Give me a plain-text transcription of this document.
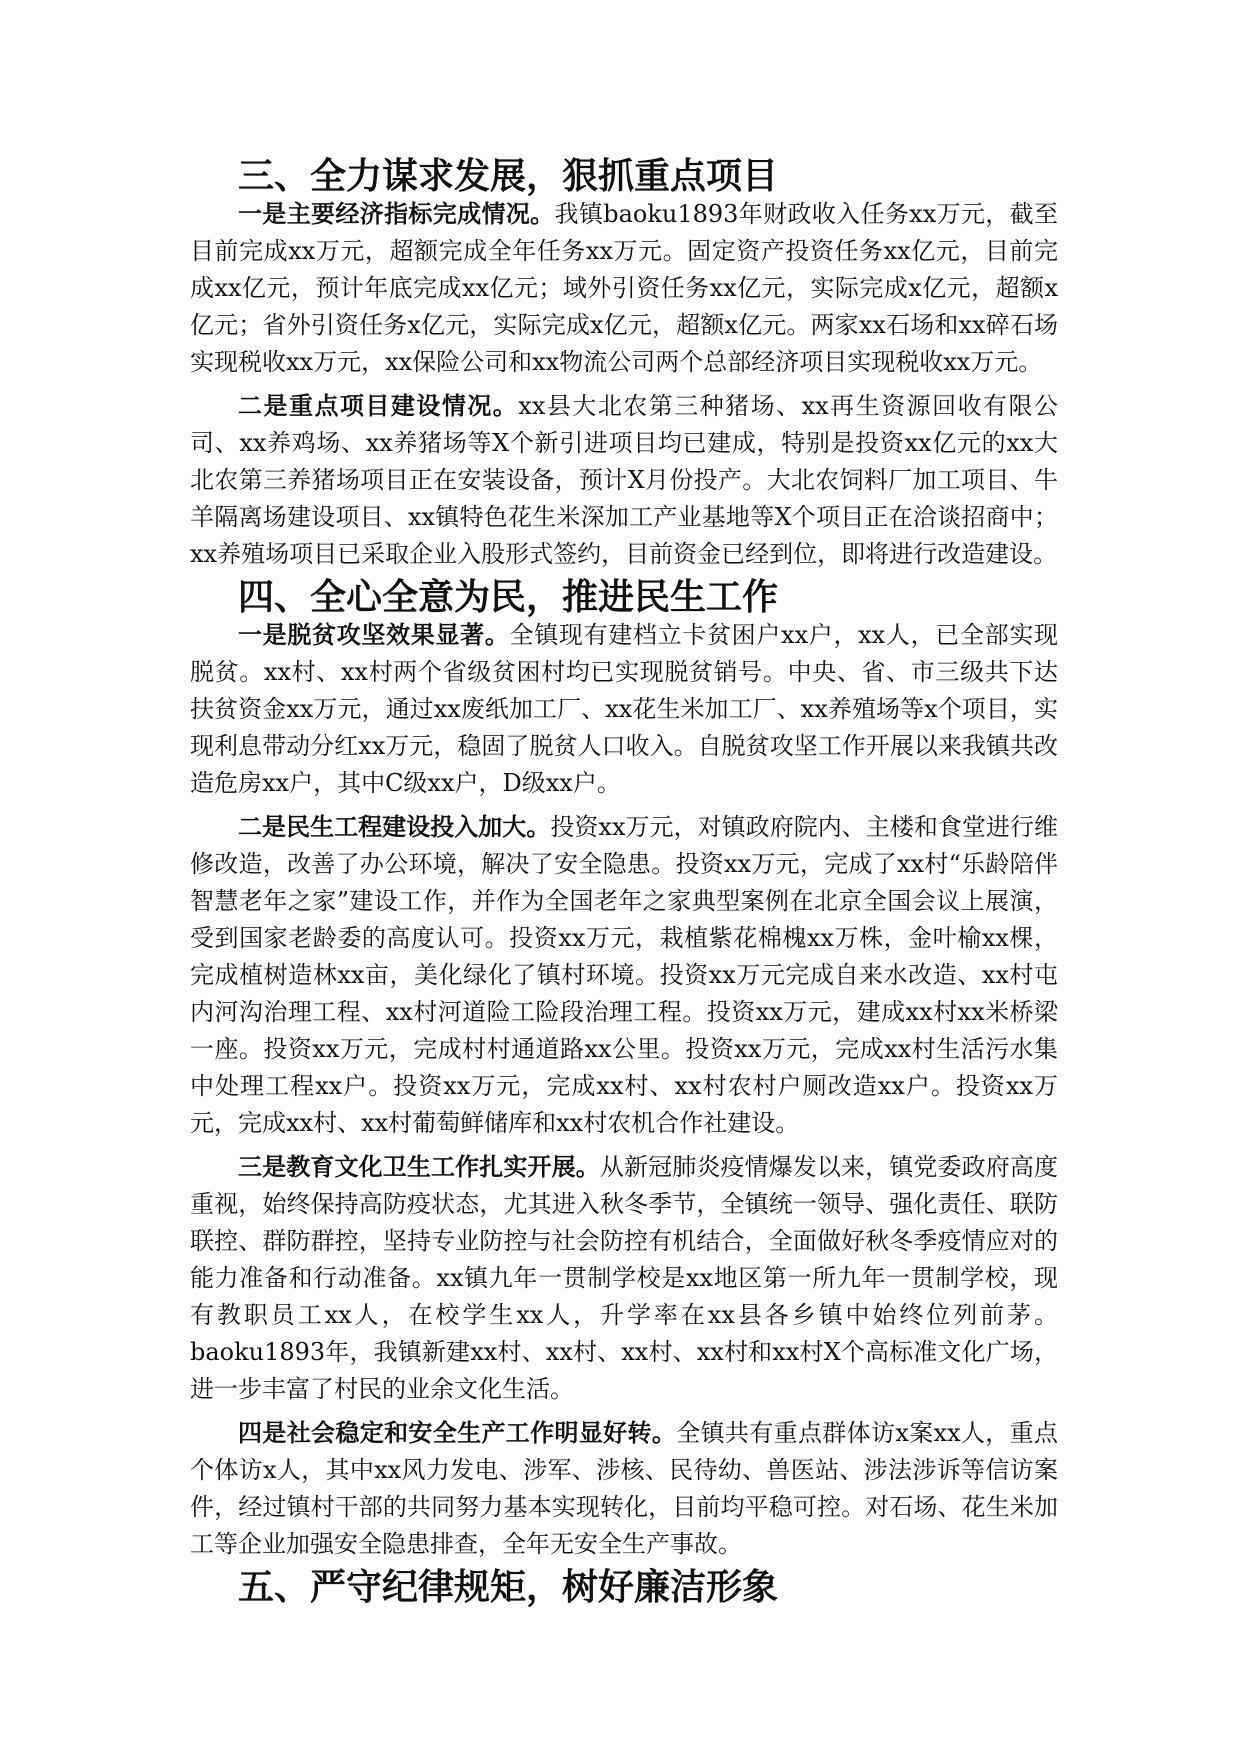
三、全力谋求发展，狠抓重点项目

一是主要经济指标完成情况。我镇baoku1893年财政收入任务xx万元，截至目前完成xx万元，超额完成全年任务xx万元。固定资产投资任务xx亿元，目前完成xx亿元，预计年底完成xx亿元；域外引资任务xx亿元，实际完成x亿元，超额x亿元；省外引资任务x亿元，实际完成x亿元，超额x亿元。两家xx石场和xx碎石场实现税收xx万元，xx保险公司和xx物流公司两个总部经济项目实现税收xx万元。

二是重点项目建设情况。xx县大北农第三种猪场、xx再生资源回收有限公司、xx养鸡场、xx养猪场等X个新引进项目均已建成，特别是投资xx亿元的xx大北农第三养猪场项目正在安装设备，预计X月份投产。大北农饲料厂加工项目、牛羊隔离场建设项目、xx镇特色花生米深加工产业基地等X个项目正在洽谈招商中；xx养殖场项目已采取企业入股形式签约，目前资金已经到位，即将进行改造建设。

四、全心全意为民，推进民生工作

一是脱贫攻坚效果显著。全镇现有建档立卡贫困户xx户，xx人，已全部实现脱贫。xx村、xx村两个省级贫困村均已实现脱贫销号。中央、省、市三级共下达扶贫资金xx万元，通过xx废纸加工厂、xx花生米加工厂、xx养殖场等x个项目，实现利息带动分红xx万元，稳固了脱贫人口收入。自脱贫攻坚工作开展以来我镇共改造危房xx户，其中C级xx户，D级xx户。

二是民生工程建设投入加大。投资xx万元，对镇政府院内、主楼和食堂进行维修改造，改善了办公环境，解决了安全隐患。投资xx万元，完成了xx村“乐龄陪伴智慧老年之家”建设工作，并作为全国老年之家典型案例在北京全国会议上展演，受到国家老龄委的高度认可。投资xx万元，栽植紫花棉槐xx万株，金叶榆xx棵，完成植树造林xx亩，美化绿化了镇村环境。投资xx万元完成自来水改造、xx村屯内河沟治理工程、xx村河道险工险段治理工程。投资xx万元，建成xx村xx米桥梁一座。投资xx万元，完成村村通道路xx公里。投资xx万元，完成xx村生活污水集中处理工程xx户。投资xx万元，完成xx村、xx村农村户厕改造xx户。投资xx万元，完成xx村、xx村葡萄鲜储库和xx村农机合作社建设。

三是教育文化卫生工作扎实开展。从新冠肺炎疫情爆发以来，镇党委政府高度重视，始终保持高防疫状态，尤其进入秋冬季节，全镇统一领导、强化责任、联防联控、群防群控，坚持专业防控与社会防控有机结合，全面做好秋冬季疫情应对的能力准备和行动准备。xx镇九年一贯制学校是xx地区第一所九年一贯制学校，现有教职员工xx人，在校学生xx人，升学率在xx县各乡镇中始终位列前茅。baoku1893年，我镇新建xx村、xx村、xx村、xx村和xx村X个高标准文化广场，进一步丰富了村民的业余文化生活。

四是社会稳定和安全生产工作明显好转。全镇共有重点群体访x案xx人，重点个体访x人，其中xx风力发电、涉军、涉核、民待幼、兽医站、涉法涉诉等信访案件，经过镇村干部的共同努力基本实现转化，目前均平稳可控。对石场、花生米加工等企业加强安全隐患排查，全年无安全生产事故。

五、严守纪律规矩，树好廉洁形象
